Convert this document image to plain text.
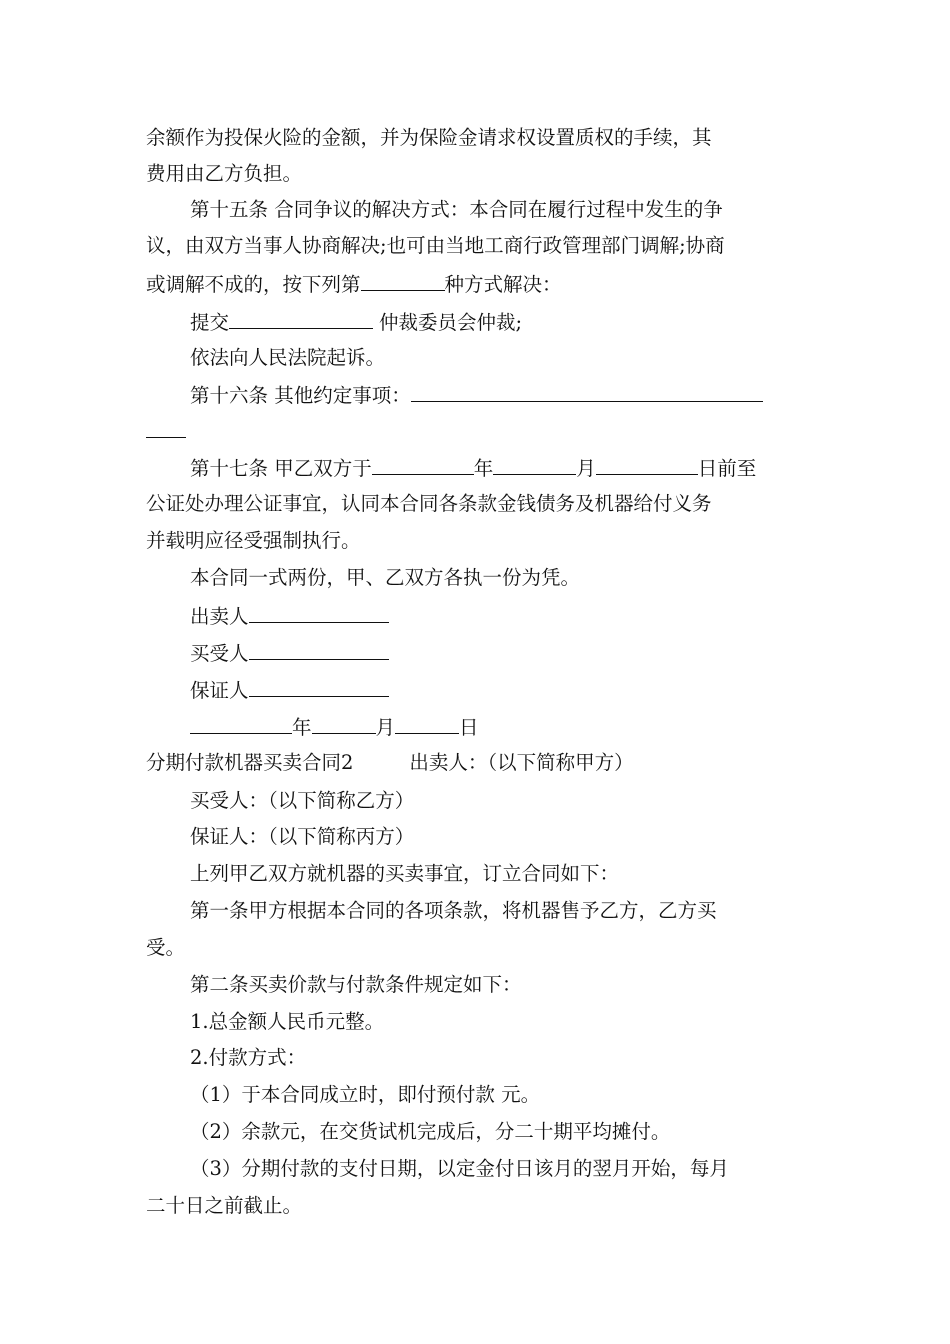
余额作为投保火险的金额，并为保险金请求权设置质权的手续，其
费用由乙方负担。
第十五条 合同争议的解决方式：本合同在履行过程中发生的争
议，由双方当事人协商解决;也可由当地工商行政管理部门调解;协商
或调解不成的，按下列第	种方式解决：
提交	仲裁委员会仲裁;
依法向人民法院起诉。
第十六条 其他约定事项：
第十七条 甲乙双方于	年	月	日前至
公证处办理公证事宜，认同本合同各条款金钱债务及机器给付义务
并载明应径受强制执行。
本合同一式两份，甲、乙双方各执一份为凭。
出卖人
买受人
保证人
年	月	日
分期付款机器买卖合同2	出卖人：（以下简称甲方）
买受人：（以下简称乙方）
保证人：（以下简称丙方）
上列甲乙双方就机器的买卖事宜，订立合同如下：
第一条甲方根据本合同的各项条款，将机器售予乙方，乙方买
受。
第二条买卖价款与付款条件规定如下：
1.总金额人民币元整。
2.付款方式：
（1）于本合同成立时，即付预付款 元。
（2）余款元，在交货试机完成后，分二十期平均摊付。
（3）分期付款的支付日期，以定金付日该月的翌月开始，每月
二十日之前截止。
